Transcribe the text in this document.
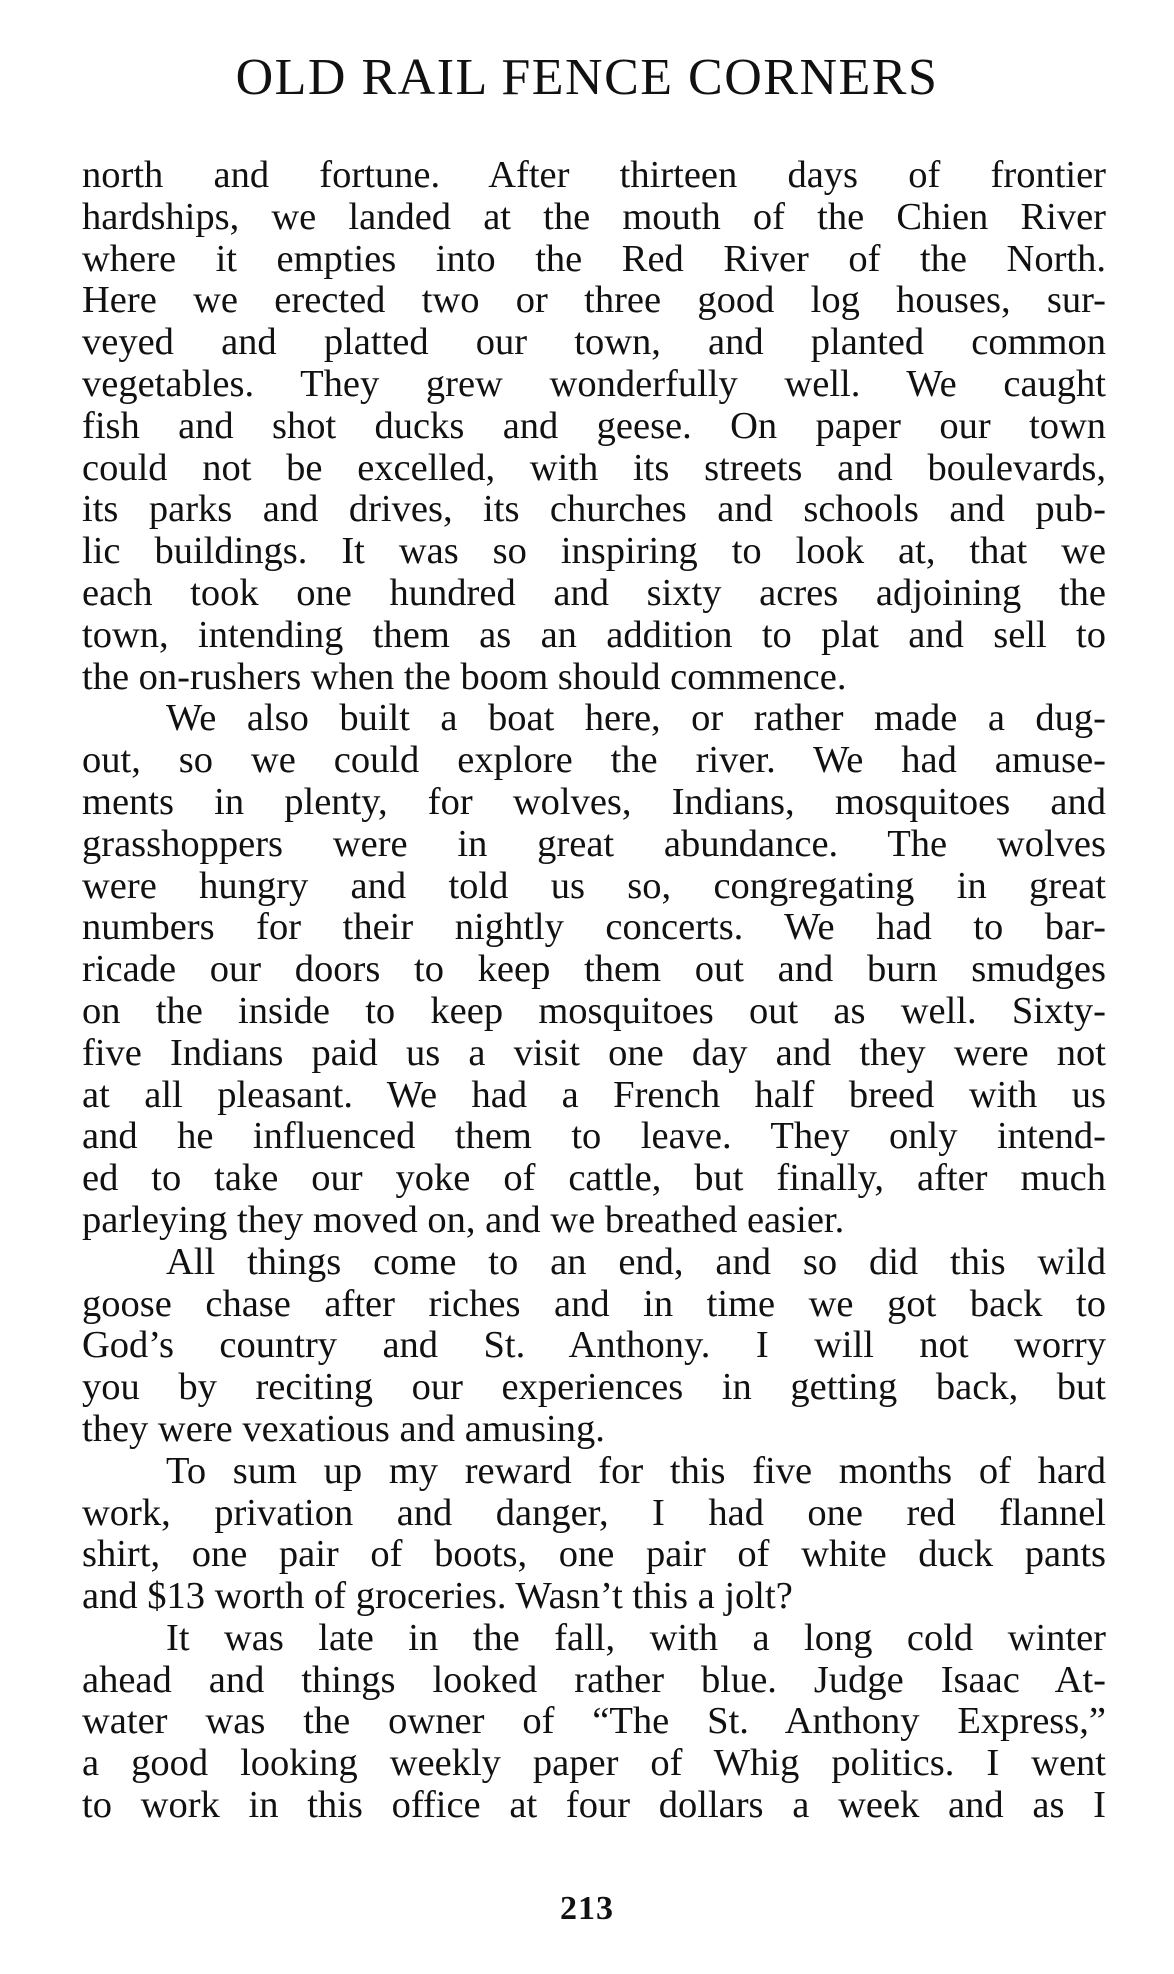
OLD RAIL FENCE CORNERS
north and fortune. After thirteen days of frontier
hardships, we landed at the mouth of the Chien River
where it empties into the Red River of the North.
Here we erected two or three good log houses, sur-
veyed and platted our town, and planted common
vegetables. They grew wonderfully well. We caught
fish and shot ducks and geese. On paper our town
could not be excelled, with its streets and boulevards,
its parks and drives, its churches and schools and pub-
lic buildings. It was so inspiring to look at, that we
each took one hundred and sixty acres adjoining the
town, intending them as an addition to plat and sell to
the on-rushers when the boom should commence.
We also built a boat here, or rather made a dug-
out, so we could explore the river. We had amuse-
ments in plenty, for wolves, Indians, mosquitoes and
grasshoppers were in great abundance. The wolves
were hungry and told us so, congregating in great
numbers for their nightly concerts. We had to bar-
ricade our doors to keep them out and burn smudges
on the inside to keep mosquitoes out as well. Sixty-
five Indians paid us a visit one day and they were not
at all pleasant. We had a French half breed with us
and he influenced them to leave. They only intend-
ed to take our yoke of cattle, but finally, after much
parleying they moved on, and we breathed easier.
All things come to an end, and so did this wild
goose chase after riches and in time we got back to
God’s country and St. Anthony. I will not worry
you by reciting our experiences in getting back, but
they were vexatious and amusing.
To sum up my reward for this five months of hard
work, privation and danger, I had one red flannel
shirt, one pair of boots, one pair of white duck pants
and $13 worth of groceries. Wasn’t this a jolt?
It was late in the fall, with a long cold winter
ahead and things looked rather blue. Judge Isaac At-
water was the owner of “The St. Anthony Express,”
a good looking weekly paper of Whig politics. I went
to work in this office at four dollars a week and as I
213
